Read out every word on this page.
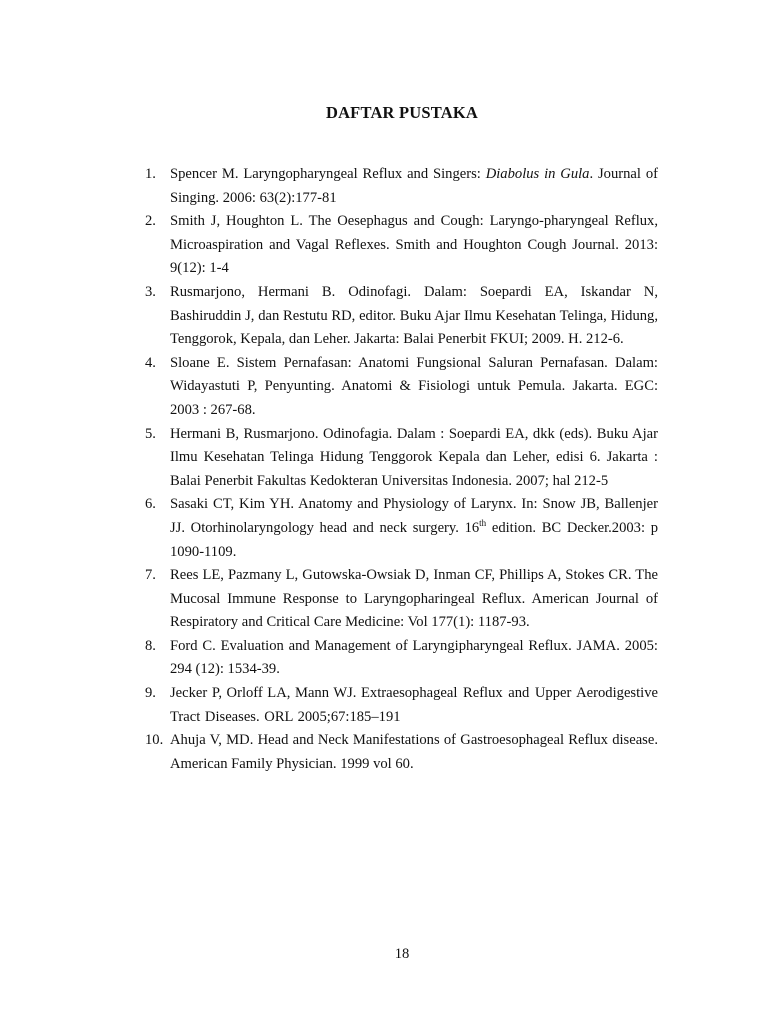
DAFTAR PUSTAKA
1. Spencer M. Laryngopharyngeal Reflux and Singers: Diabolus in Gula. Journal of Singing. 2006: 63(2):177-81
2. Smith J, Houghton L. The Oesephagus and Cough: Laryngo-pharyngeal Reflux, Microaspiration and Vagal Reflexes. Smith and Houghton Cough Journal. 2013: 9(12): 1-4
3. Rusmarjono, Hermani B. Odinofagi. Dalam: Soepardi EA, Iskandar N, Bashiruddin J, dan Restutu RD, editor. Buku Ajar Ilmu Kesehatan Telinga, Hidung, Tenggorok, Kepala, dan Leher. Jakarta: Balai Penerbit FKUI; 2009. H. 212-6.
4. Sloane E. Sistem Pernafasan: Anatomi Fungsional Saluran Pernafasan. Dalam: Widayastuti P, Penyunting. Anatomi & Fisiologi untuk Pemula. Jakarta. EGC: 2003 : 267-68.
5. Hermani B, Rusmarjono. Odinofagia. Dalam : Soepardi EA, dkk (eds). Buku Ajar Ilmu Kesehatan Telinga Hidung Tenggorok Kepala dan Leher, edisi 6. Jakarta : Balai Penerbit Fakultas Kedokteran Universitas Indonesia. 2007; hal 212-5
6. Sasaki CT, Kim YH. Anatomy and Physiology of Larynx. In: Snow JB, Ballenjer JJ. Otorhinolaryngology head and neck surgery. 16th edition. BC Decker.2003: p 1090-1109.
7. Rees LE, Pazmany L, Gutowska-Owsiak D, Inman CF, Phillips A, Stokes CR. The Mucosal Immune Response to Laryngopharingeal Reflux. American Journal of Respiratory and Critical Care Medicine: Vol 177(1): 1187-93.
8. Ford C. Evaluation and Management of Laryngipharyngeal Reflux. JAMA. 2005: 294 (12): 1534-39.
9. Jecker P, Orloff LA, Mann WJ. Extraesophageal Reflux and Upper Aerodigestive Tract Diseases. ORL 2005;67:185–191
10. Ahuja V, MD. Head and Neck Manifestations of Gastroesophageal Reflux disease. American Family Physician. 1999 vol 60.
18
